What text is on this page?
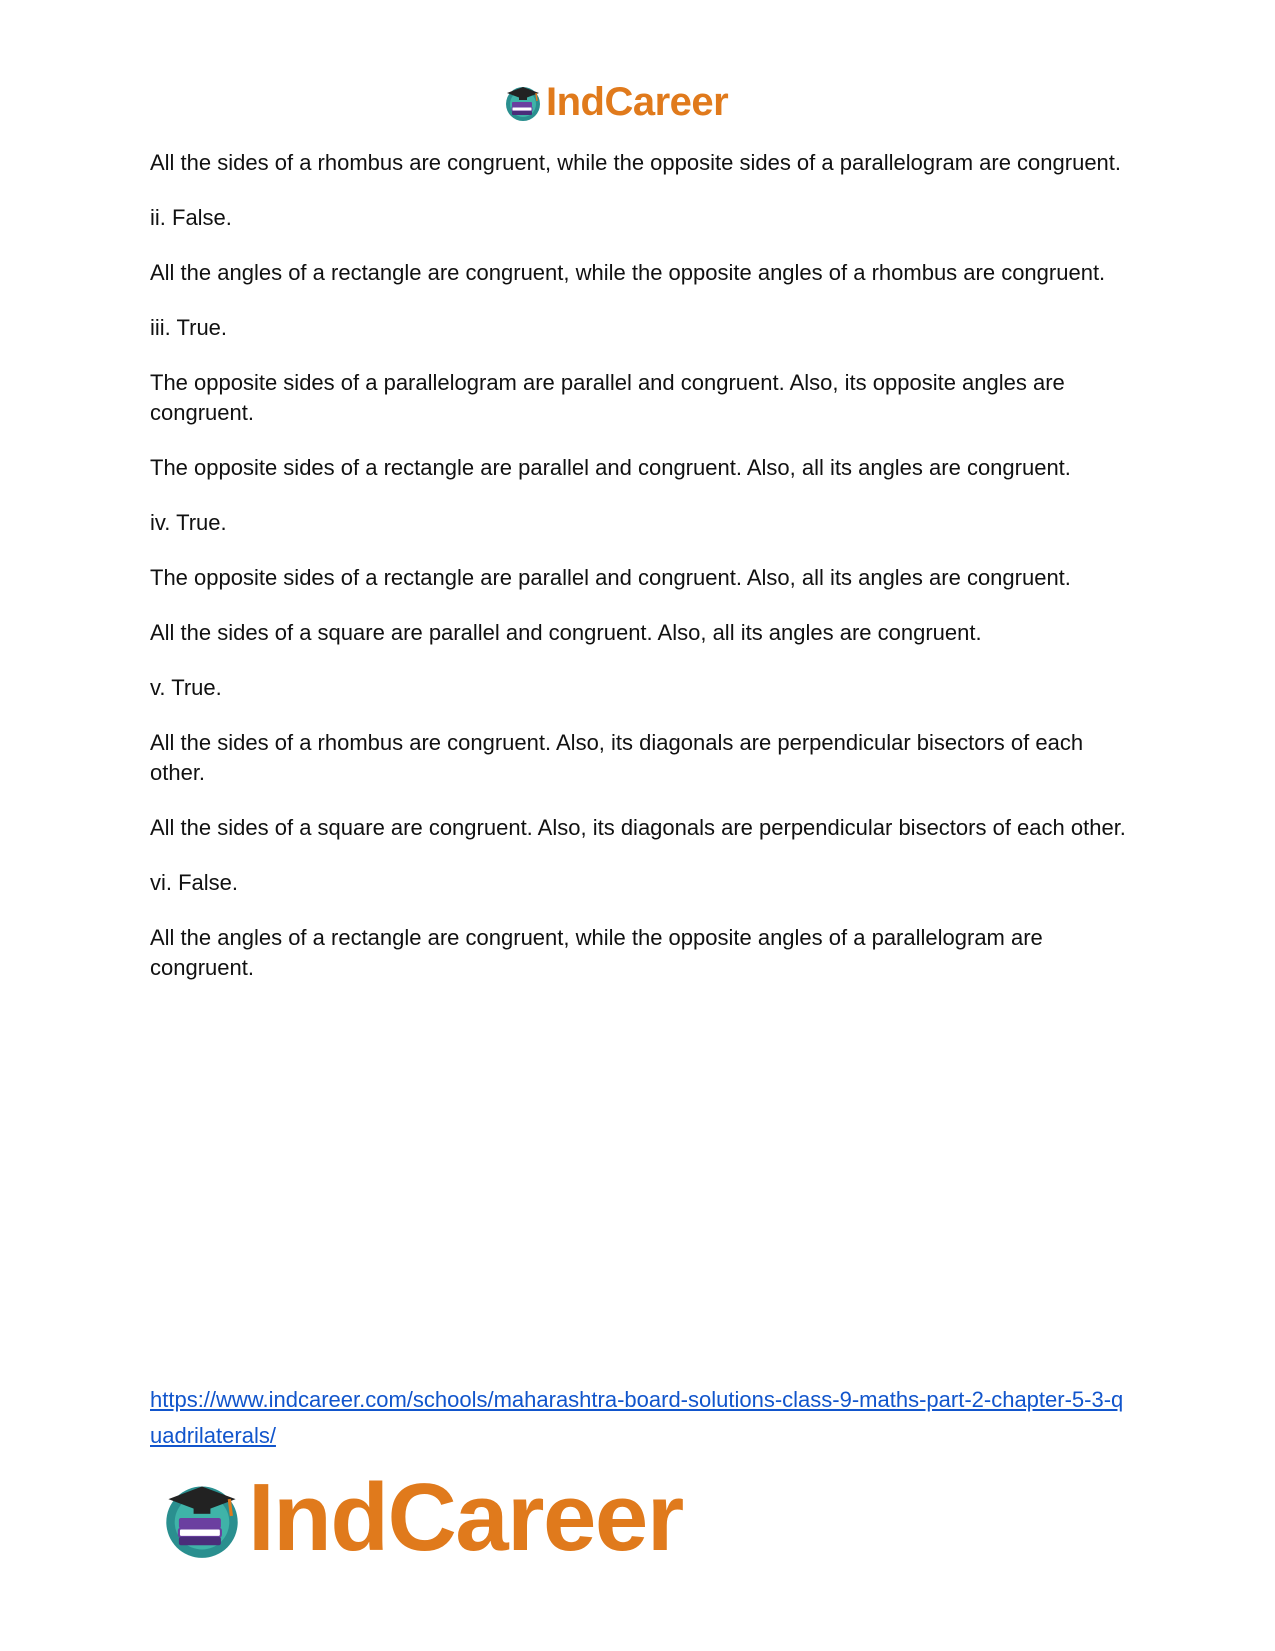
IndCareer

All the sides of a rhombus are congruent, while the opposite sides of a parallelogram are congruent.

ii. False.

All the angles of a rectangle are congruent, while the opposite angles of a rhombus are congruent.

iii. True.

The opposite sides of a parallelogram are parallel and congruent. Also, its opposite angles are congruent.

The opposite sides of a rectangle are parallel and congruent. Also, all its angles are congruent.

iv. True.

The opposite sides of a rectangle are parallel and congruent. Also, all its angles are congruent.

All the sides of a square are parallel and congruent. Also, all its angles are congruent.

v. True.

All the sides of a rhombus are congruent. Also, its diagonals are perpendicular bisectors of each other.

All the sides of a square are congruent. Also, its diagonals are perpendicular bisectors of each other.

vi. False.

All the angles of a rectangle are congruent, while the opposite angles of a parallelogram are congruent.

https://www.indcareer.com/schools/maharashtra-board-solutions-class-9-maths-part-2-chapter-5-3-quadrilaterals/
IndCareer
